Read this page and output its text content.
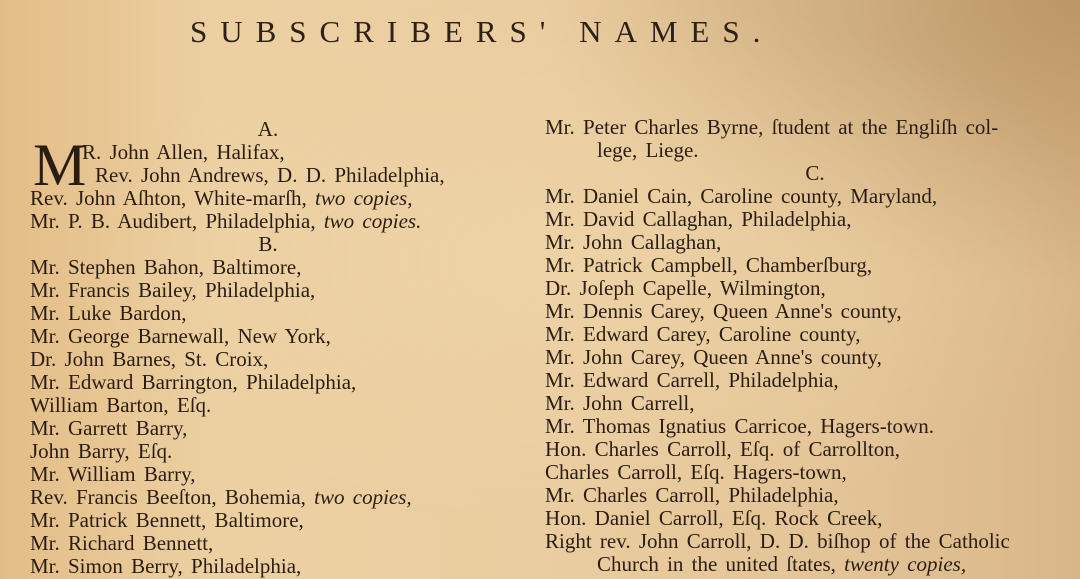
SUBSCRIBERS' NAMES.
A.
M
R. John Allen, Halifax,
Rev. John Andrews, D. D. Philadelphia,
Rev. John Aſhton, White-marſh, two copies,
Mr. P. B. Audibert, Philadelphia, two copies.
B.
Mr. Stephen Bahon, Baltimore,
Mr. Francis Bailey, Philadelphia,
Mr. Luke Bardon,
Mr. George Barnewall, New York,
Dr. John Barnes, St. Croix,
Mr. Edward Barrington, Philadelphia,
William Barton, Eſq.
Mr. Garrett Barry,
John Barry, Eſq.
Mr. William Barry,
Rev. Francis Beeſton, Bohemia, two copies,
Mr. Patrick Bennett, Baltimore,
Mr. Richard Bennett,
Mr. Simon Berry, Philadelphia,
Mr. Peter Charles Byrne, ſtudent at the Engliſh col-
lege, Liege.
C.
Mr. Daniel Cain, Caroline county, Maryland,
Mr. David Callaghan, Philadelphia,
Mr. John Callaghan,
Mr. Patrick Campbell, Chamberſburg,
Dr. Joſeph Capelle, Wilmington,
Mr. Dennis Carey, Queen Anne's county,
Mr. Edward Carey, Caroline county,
Mr. John Carey, Queen Anne's county,
Mr. Edward Carrell, Philadelphia,
Mr. John Carrell,
Mr. Thomas Ignatius Carricoe, Hagers-town.
Hon. Charles Carroll, Eſq. of Carrollton,
Charles Carroll, Eſq. Hagers-town,
Mr. Charles Carroll, Philadelphia,
Hon. Daniel Carroll, Eſq. Rock Creek,
Right rev. John Carroll, D. D. biſhop of the Catholic
Church in the united ſtates, twenty copies,
